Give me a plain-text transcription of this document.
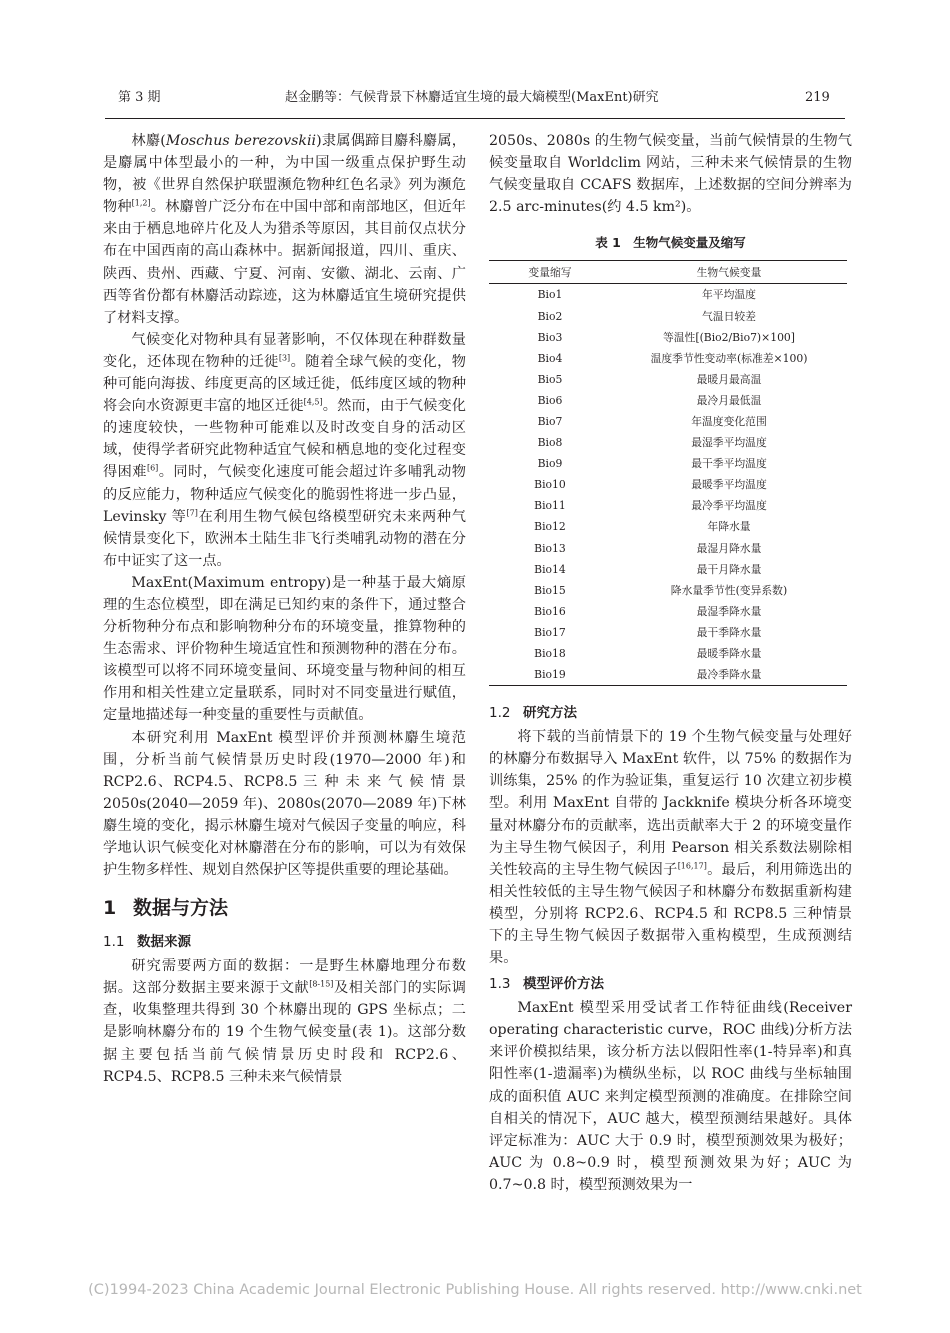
第 3 期	赵金鹏等：气候背景下林麝适宜生境的最大熵模型(MaxEnt)研究	219

林麝(Moschus berezovskii)隶属偶蹄目麝科麝属，是麝属中体型最小的一种，为中国一级重点保护野生动物，被《世界自然保护联盟濒危物种红色名录》列为濒危物种[1,2]。林麝曾广泛分布在中国中部和南部地区，但近年来由于栖息地碎片化及人为猎杀等原因，其目前仅点状分布在中国西南的高山森林中。据新闻报道，四川、重庆、陕西、贵州、西藏、宁夏、河南、安徽、湖北、云南、广西等省份都有林麝活动踪迹，这为林麝适宜生境研究提供了材料支撑。

气候变化对物种具有显著影响，不仅体现在种群数量变化，还体现在物种的迁徙[3]。随着全球气候的变化，物种可能向海拔、纬度更高的区域迁徙，低纬度区域的物种将会向水资源更丰富的地区迁徙[4,5]。然而，由于气候变化的速度较快，一些物种可能难以及时改变自身的活动区域，使得学者研究此物种适宜气候和栖息地的变化过程变得困难[6]。同时，气候变化速度可能会超过许多哺乳动物的反应能力，物种适应气候变化的脆弱性将进一步凸显，Levinsky 等[7]在利用生物气候包络模型研究未来两种气候情景变化下，欧洲本土陆生非飞行类哺乳动物的潜在分布中证实了这一点。

MaxEnt(Maximum entropy)是一种基于最大熵原理的生态位模型，即在满足已知约束的条件下，通过整合分析物种分布点和影响物种分布的环境变量，推算物种的生态需求、评价物种生境适宜性和预测物种的潜在分布。该模型可以将不同环境变量间、环境变量与物种间的相互作用和相关性建立定量联系，同时对不同变量进行赋值，定量地描述每一种变量的重要性与贡献值。

本研究利用 MaxEnt 模型评价并预测林麝生境范围，分析当前气候情景历史时段(1970—2000 年)和 RCP2.6、RCP4.5、RCP8.5 三 种 未 来 气 候 情 景 2050s(2040—2059 年)、2080s(2070—2089 年)下林麝生境的变化，揭示林麝生境对气候因子变量的响应，科学地认识气候变化对林麝潜在分布的影响，可以为有效保护生物多样性、规划自然保护区等提供重要的理论基础。

1 数据与方法
1.1 数据来源

研究需要两方面的数据：一是野生林麝地理分布数据。这部分数据主要来源于文献[8-15]及相关部门的实际调查，收集整理共得到 30 个林麝出现的 GPS 坐标点；二是影响林麝分布的 19 个生物气候变量(表 1)。这部分数据主要包括当前气候情景历史时段和 RCP2.6、RCP4.5、RCP8.5 三种未来气候情景

2050s、2080s 的生物气候变量，当前气候情景的生物气候变量取自 Worldclim 网站，三种未来气候情景的生物气候变量取自 CCAFS 数据库，上述数据的空间分辨率为 2.5 arc-minutes(约 4.5 km²)。

表 1　生物气候变量及缩写
变量缩写	生物气候变量
Bio1	年平均温度
Bio2	气温日较差
Bio3	等温性[(Bio2/Bio7)×100]
Bio4	温度季节性变动率(标准差×100)
Bio5	最暖月最高温
Bio6	最冷月最低温
Bio7	年温度变化范围
Bio8	最湿季平均温度
Bio9	最干季平均温度
Bio10	最暖季平均温度
Bio11	最冷季平均温度
Bio12	年降水量
Bio13	最湿月降水量
Bio14	最干月降水量
Bio15	降水量季节性(变异系数)
Bio16	最湿季降水量
Bio17	最干季降水量
Bio18	最暖季降水量
Bio19	最冷季降水量
1.2 研究方法

将下载的当前情景下的 19 个生物气候变量与处理好的林麝分布数据导入 MaxEnt 软件，以 75% 的数据作为训练集，25% 的作为验证集，重复运行 10 次建立初步模型。利用 MaxEnt 自带的 Jackknife 模块分析各环境变量对林麝分布的贡献率，选出贡献率大于 2 的环境变量作为主导生物气候因子，利用 Pearson 相关系数法剔除相关性较高的主导生物气候因子[16,17]。最后，利用筛选出的相关性较低的主导生物气候因子和林麝分布数据重新构建模型，分别将 RCP2.6、RCP4.5 和 RCP8.5 三种情景下的主导生物气候因子数据带入重构模型，生成预测结果。

1.3 模型评价方法

MaxEnt 模型采用受试者工作特征曲线(Receiver operating characteristic curve，ROC 曲线)分析方法来评价模拟结果，该分析方法以假阳性率(1-特异率)和真阳性率(1-遗漏率)为横纵坐标，以 ROC 曲线与坐标轴围成的面积值 AUC 来判定模型预测的准确度。在排除空间自相关的情况下，AUC 越大，模型预测结果越好。具体评定标准为：AUC 大于 0.9 时，模型预测效果为极好；AUC 为 0.8~0.9 时，模型预测效果为好；AUC 为 0.7~0.8 时，模型预测效果为一

(C)1994-2023 China Academic Journal Electronic Publishing House. All rights reserved. http://www.cnki.net
